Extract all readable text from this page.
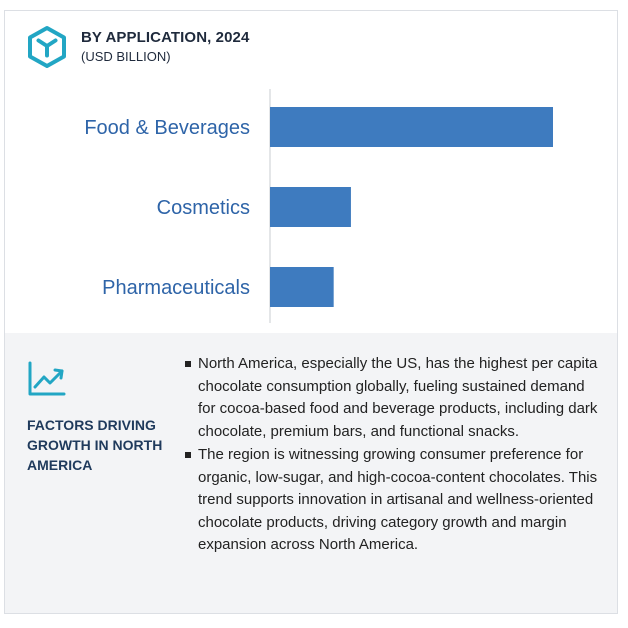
BY APPLICATION, 2024
(USD BILLION)
Food & Beverages
Cosmetics
Pharmaceuticals
FACTORS DRIVING GROWTH IN NORTH AMERICA
North America, especially the US, has the highest per capita chocolate consumption globally, fueling sustained demand for cocoa-based food and beverage products, including dark chocolate, premium bars, and functional snacks.
The region is witnessing growing consumer preference for organic, low-sugar, and high-cocoa-content chocolates. This trend supports innovation in artisanal and wellness-oriented chocolate products, driving category growth and margin expansion across North America.
